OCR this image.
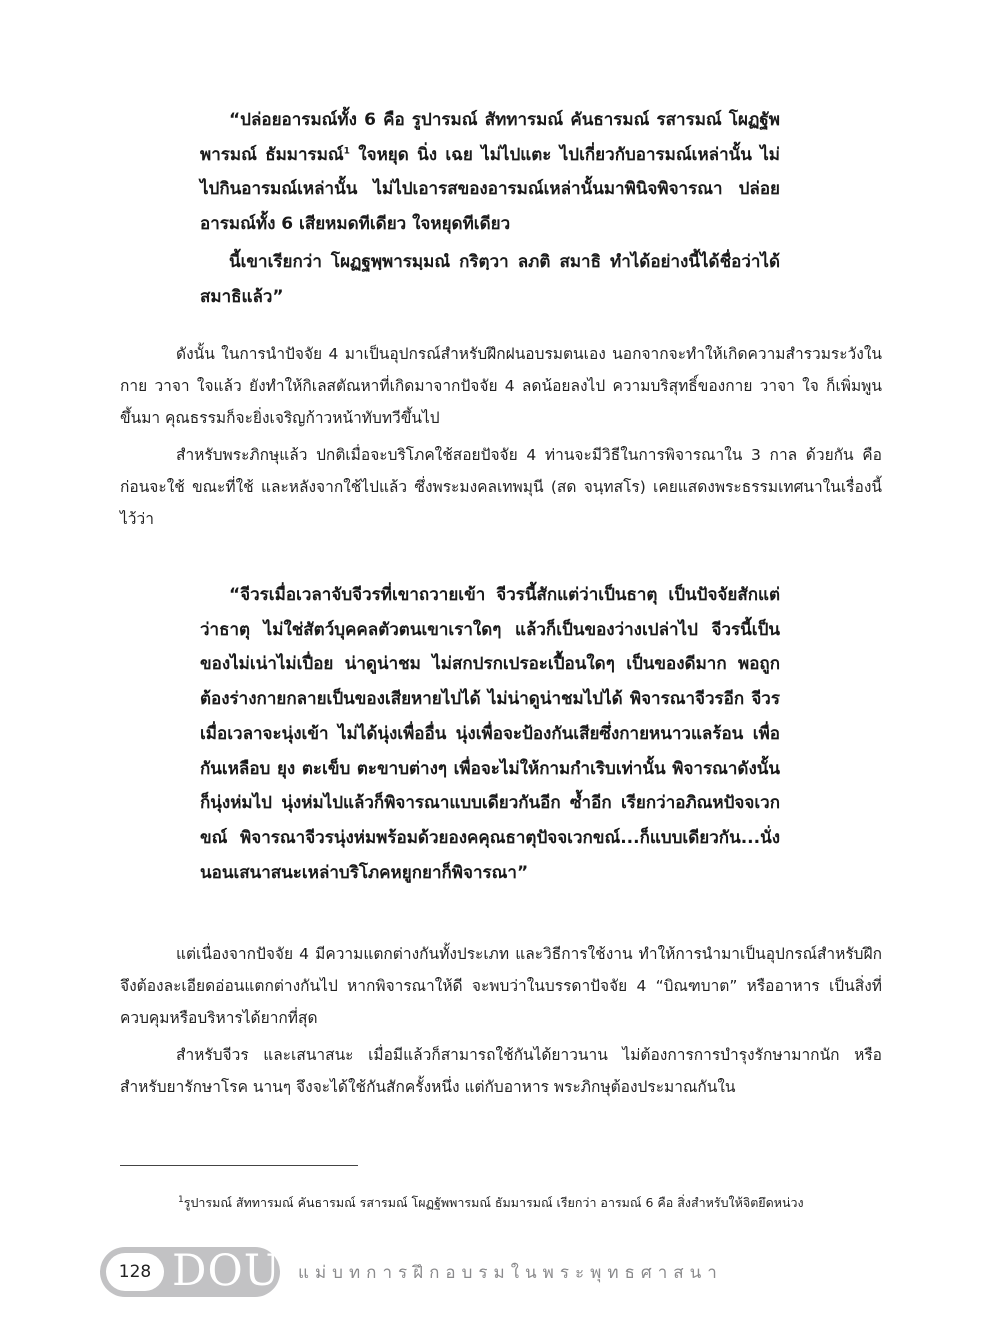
“ปล่อยอารมณ์ทั้ง 6 คือ รูปารมณ์ สัททารมณ์ คันธารมณ์ รสารมณ์ โผฏฐัพพารมณ์ ธัมมารมณ์$^1$ ใจหยุด นิ่ง เฉย ไม่ไปแตะ ไปเกี่ยวกับอารมณ์เหล่านั้น ไม่ไปกินอารมณ์เหล่านั้น ไม่ไปเอารสของอารมณ์เหล่านั้นมาพินิจพิจารณา ปล่อยอารมณ์ทั้ง 6 เสียหมดทีเดียว ใจหยุดทีเดียว

นี้เขาเรียกว่า โผฏฐพฺพารมฺมณํ กริตฺวา ลภติ สมาธิ ทำได้อย่างนี้ได้ชื่อว่าได้สมาธิแล้ว”

ดังนั้น ในการนำปัจจัย 4 มาเป็นอุปกรณ์สำหรับฝึกฝนอบรมตนเอง นอกจากจะทำให้เกิดความสำรวมระวังใน กาย วาจา ใจแล้ว ยังทำให้กิเลสตัณหาที่เกิดมาจากปัจจัย 4 ลดน้อยลงไป ความบริสุทธิ์ของกาย วาจา ใจ ก็เพิ่มพูนขึ้นมา คุณธรรมก็จะยิ่งเจริญก้าวหน้าทับทวีขึ้นไป

สำหรับพระภิกษุแล้ว ปกติเมื่อจะบริโภคใช้สอยปัจจัย 4 ท่านจะมีวิธีในการพิจารณาใน 3 กาล ด้วยกัน คือ ก่อนจะใช้ ขณะที่ใช้ และหลังจากใช้ไปแล้ว ซึ่งพระมงคลเทพมุนี (สด จนฺทสโร) เคยแสดงพระธรรมเทศนาในเรื่องนี้ไว้ว่า

“จีวรเมื่อเวลาจับจีวรที่เขาถวายเข้า จีวรนี้สักแต่ว่าเป็นธาตุ เป็นปัจจัยสักแต่ว่าธาตุ ไม่ใช่สัตว์บุคคลตัวตนเขาเราใดๆ แล้วก็เป็นของว่างเปล่าไป จีวรนี้เป็นของไม่เน่าไม่เปื่อย น่าดูน่าชม ไม่สกปรกเปรอะเปื้อนใดๆ เป็นของดีมาก พอถูกต้องร่างกายกลายเป็นของเสียหายไปได้ ไม่น่าดูน่าชมไปได้ พิจารณาจีวรอีก จีวรเมื่อเวลาจะนุ่งเข้า ไม่ได้นุ่งเพื่ออื่น นุ่งเพื่อจะป้องกันเสียซึ่งกายหนาวแลร้อน เพื่อกันเหลือบ ยุง ตะเข็บ ตะขาบต่างๆ เพื่อจะไม่ให้กามกำเริบเท่านั้น พิจารณาดังนั้นก็นุ่งห่มไป นุ่งห่มไปแล้วก็พิจารณาแบบเดียวกันอีก ซ้ำอีก เรียกว่าอภิณหปัจจเวกขณ์ พิจารณาจีวรนุ่งห่มพร้อมด้วยองคคุณธาตุปัจจเวกขณ์...ก็แบบเดียวกัน...นั่งนอนเสนาสนะเหล่าบริโภคหยูกยาก็พิจารณา”

แต่เนื่องจากปัจจัย 4 มีความแตกต่างกันทั้งประเภท และวิธีการใช้งาน ทำให้การนำมาเป็นอุปกรณ์สำหรับฝึกจึงต้องละเอียดอ่อนแตกต่างกันไป หากพิจารณาให้ดี จะพบว่าในบรรดาปัจจัย 4 “บิณฑบาต” หรืออาหาร เป็นสิ่งที่ควบคุมหรือบริหารได้ยากที่สุด

สำหรับจีวร และเสนาสนะ เมื่อมีแล้วก็สามารถใช้กันได้ยาวนาน ไม่ต้องการการบำรุงรักษามากนัก หรือสำหรับยารักษาโรค นานๆ จึงจะได้ใช้กันสักครั้งหนึ่ง แต่กับอาหาร พระภิกษุต้องประมาณกันใน

$^1$รูปารมณ์ สัททารมณ์ คันธารมณ์ รสารมณ์ โผฏฐัพพารมณ์ ธัมมารมณ์ เรียกว่า อารมณ์ 6 คือ สิ่งสำหรับให้จิตยึดหน่วง
128 DOU แม่บทการฝึกอบรมในพระพุทธศาสนา
